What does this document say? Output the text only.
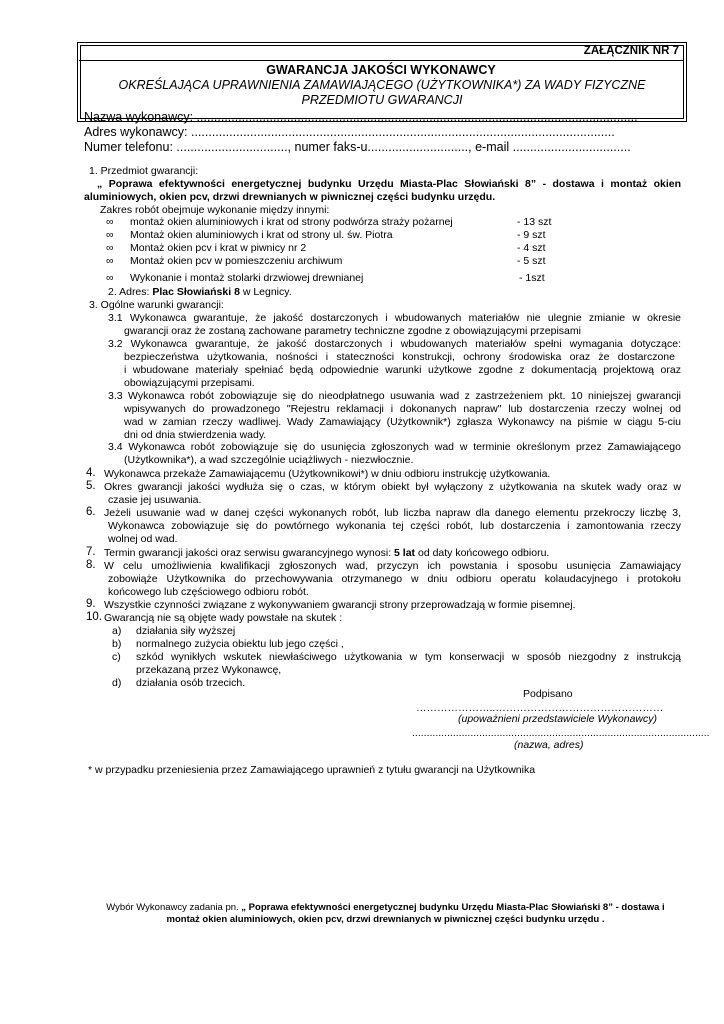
ZAŁĄCZNIK NR 7
GWARANCJA JAKOŚCI WYKONAWCY
OKREŚLAJĄCA UPRAWNIENIA ZAMAWIAJĄCEGO (UŻYTKOWNIKA*) ZA WADY FIZYCZNE
PRZEDMIOTU GWARANCJI
Nazwa wykonawcy: ...............................................................................................................................
Adres wykonawcy: ..........................................................................................................................
Numer telefonu: ................................, numer faks-u............................., e-mail ..................................
1. Przedmiot gwarancji:
„ Poprawa efektywności energetycznej budynku Urzędu Miasta-Plac Słowiański 8” - dostawa i montaż okien
aluminiowych, okien pcv, drzwi drewnianych w piwnicznej części budynku urzędu.
Zakres robót obejmuje wykonanie między innymi:
∞ montaż okien aluminiowych i krat od strony podwórza straży pożarnej	- 13 szt
∞ Montaż okien aluminiowych i krat od strony ul. św. Piotra	- 9 szt
∞ Montaż okien pcv i krat w piwnicy nr 2	- 4 szt
∞ Montaż okien pcv w pomieszczeniu archiwum	- 5 szt
∞ Wykonanie i montaż stolarki drzwiowej drewnianej	- 1szt
2. Adres: Plac Słowiański 8 w Legnicy.
3. Ogólne warunki gwarancji:
3.1 Wykonawca gwarantuje, że jakość dostarczonych i wbudowanych materiałów nie ulegnie zmianie w okresie
gwarancji oraz że zostaną zachowane parametry techniczne zgodne z obowiązującymi przepisami
3.2 Wykonawca gwarantuje, że jakość dostarczonych i wbudowanych materiałów spełni wymagania dotyczące:
bezpieczeństwa użytkowania, nośności i stateczności konstrukcji, ochrony środowiska oraz że dostarczone
i wbudowane materiały spełniać będą odpowiednie warunki użytkowe zgodne z dokumentacją projektową oraz
obowiązującymi przepisami.
3.3 Wykonawca robót zobowiązuje się do nieodpłatnego usuwania wad z zastrzeżeniem pkt. 10 niniejszej gwarancji
wpisywanych do prowadzonego "Rejestru reklamacji i dokonanych napraw" lub dostarczenia rzeczy wolnej od
wad w zamian rzeczy wadliwej. Wady Zamawiający (Użytkownik*) zgłasza Wykonawcy na piśmie w ciągu 5-ciu
dni od dnia stwierdzenia wady.
3.4 Wykonawca robót zobowiązuje się do usunięcia zgłoszonych wad w terminie określonym przez Zamawiającego
(Użytkownika*), a wad szczególnie uciążliwych - niezwłocznie.
4. Wykonawca przekaże Zamawiającemu (Użytkownikowi*) w dniu odbioru instrukcję użytkowania.
5. Okres gwarancji jakości wydłuża się o czas, w którym obiekt był wyłączony z użytkowania na skutek wady oraz w
czasie jej usuwania.
6. Jeżeli usuwanie wad w danej części wykonanych robót, lub liczba napraw dla danego elementu przekroczy liczbę 3,
Wykonawca zobowiązuje się do powtórnego wykonania tej części robót, lub dostarczenia i zamontowania rzeczy
wolnej od wad.
7. Termin gwarancji jakości oraz serwisu gwarancyjnego wynosi: 5 lat od daty końcowego odbioru.
8. W celu umożliwienia kwalifikacji zgłoszonych wad, przyczyn ich powstania i sposobu usunięcia Zamawiający
zobowiąże Użytkownika do przechowywania otrzymanego w dniu odbioru operatu kolaudacyjnego i protokołu
końcowego lub częściowego odbioru robót.
9. Wszystkie czynności związane z wykonywaniem gwarancji strony przeprowadzają w formie pisemnej.
10. Gwarancją nie są objęte wady powstałe na skutek :
a) działania siły wyższej
b) normalnego zużycia obiektu lub jego części ,
c) szkód wynikłych wskutek niewłaściwego użytkowania w tym konserwacji w sposób niezgodny z instrukcją
przekazaną przez Wykonawcę,
d) działania osób trzecich.
Podpisano
…………………..…………………………………………
(upoważnieni przedstawiciele Wykonawcy)
......................................................................................................
(nazwa, adres)
* w przypadku przeniesienia przez Zamawiającego uprawnień z tytułu gwarancji na Użytkownika
Wybór Wykonawcy zadania pn. „ Poprawa efektywności energetycznej budynku Urzędu Miasta-Plac Słowiański 8” - dostawa i
montaż okien aluminiowych, okien pcv, drzwi drewnianych w piwnicznej części budynku urzędu .
